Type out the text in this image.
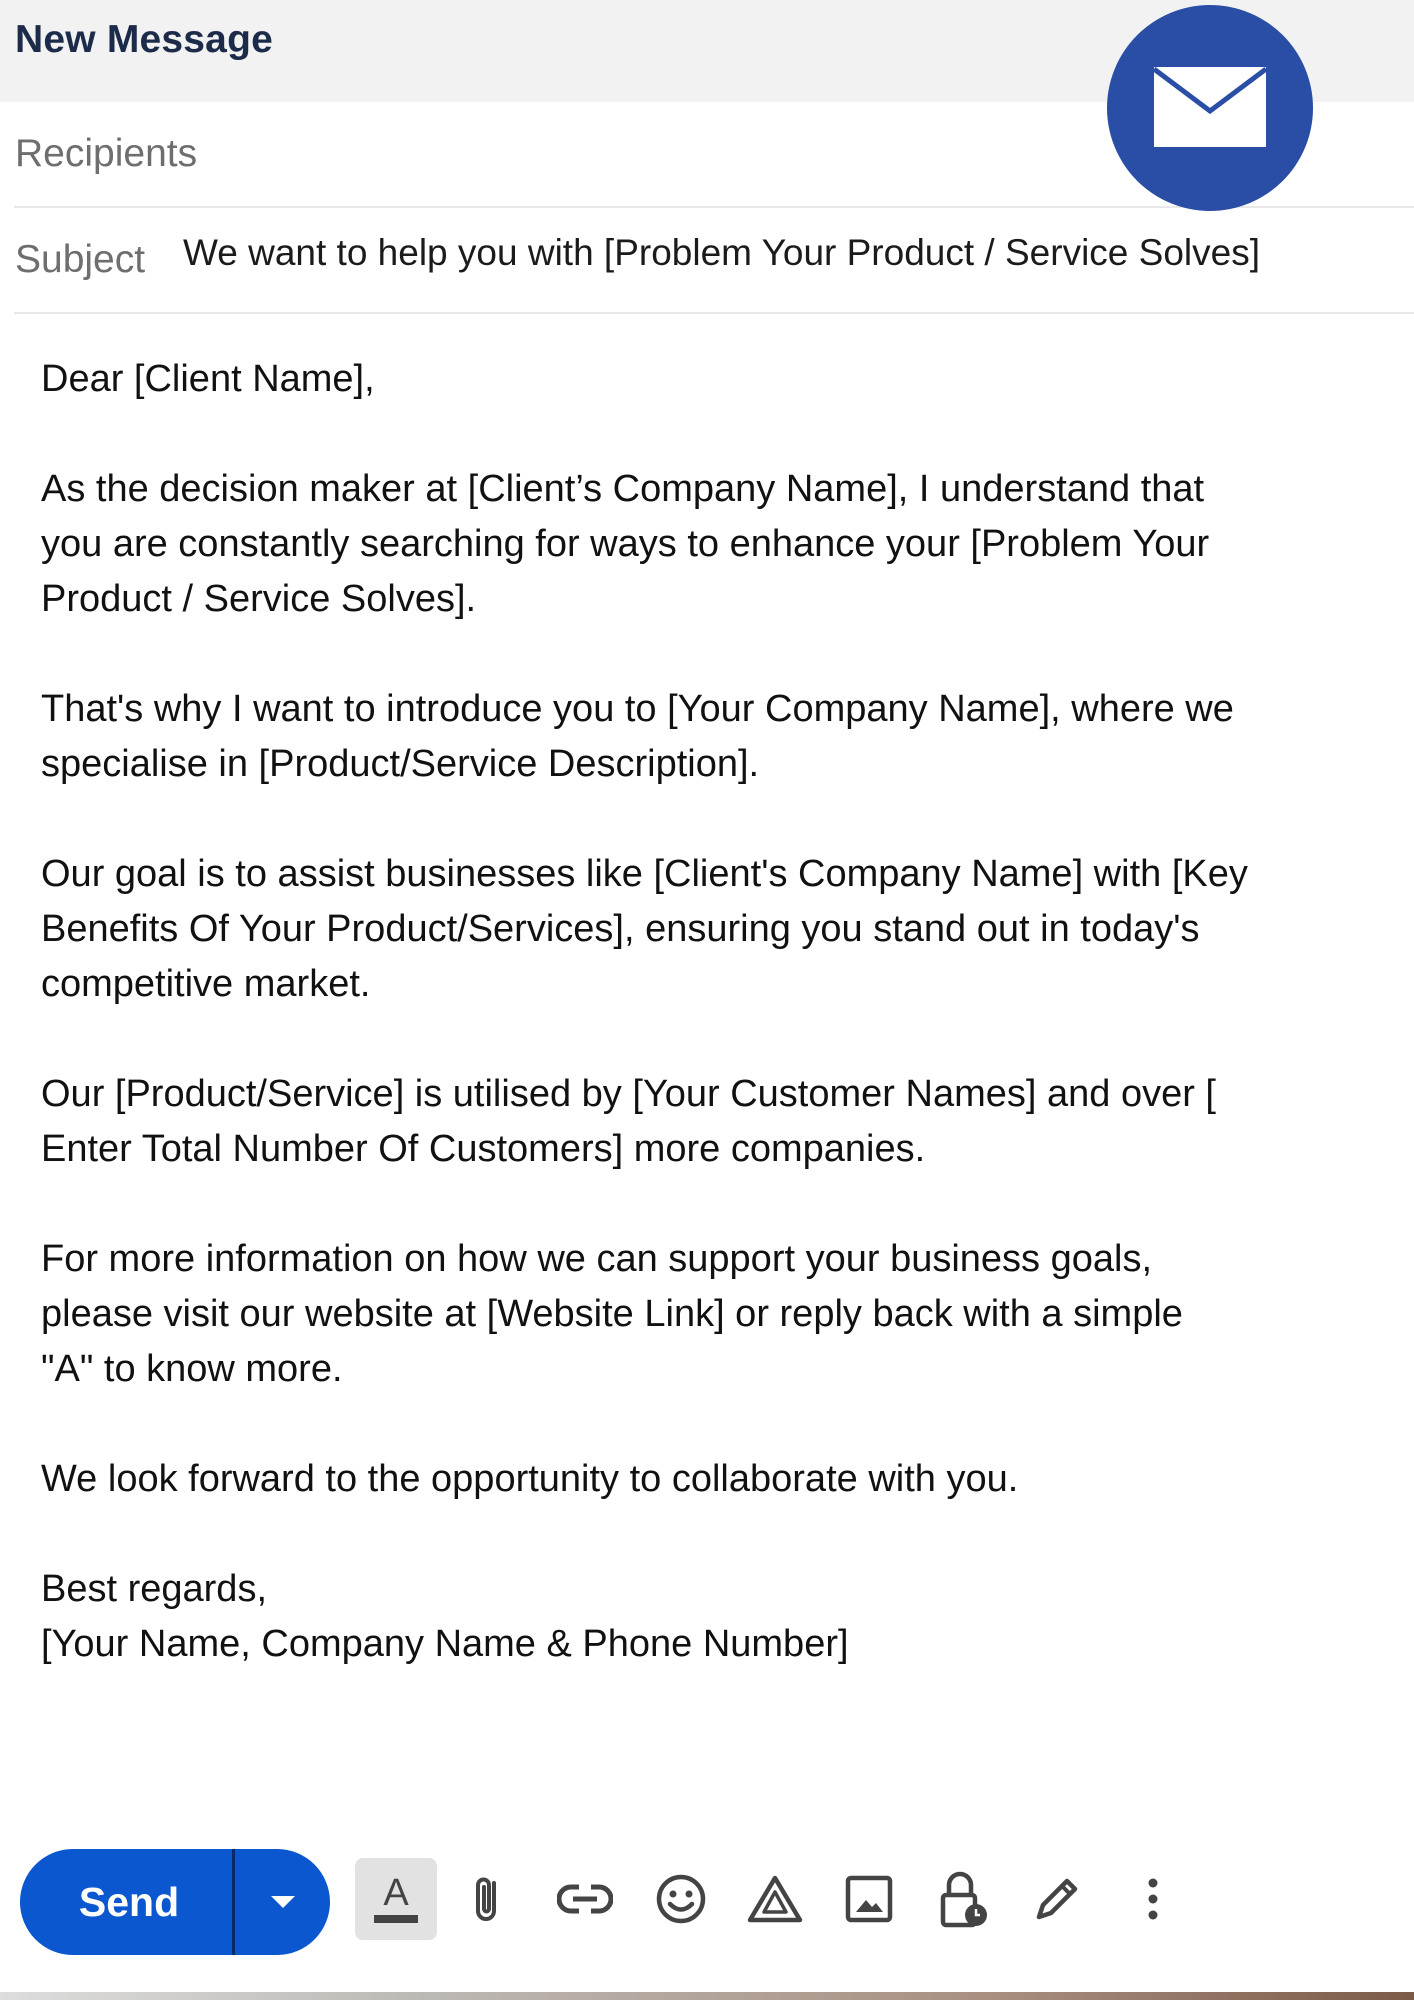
New Message
Recipients
Subject We want to help you with [Problem Your Product / Service Solves]

Dear [Client Name],

As the decision maker at [Client’s Company Name], I understand that
you are constantly searching for ways to enhance your [Problem Your
Product / Service Solves].

That's why I want to introduce you to [Your Company Name], where we
specialise in [Product/Service Description].

Our goal is to assist businesses like [Client's Company Name] with [Key
Benefits Of Your Product/Services], ensuring you stand out in today's
competitive market.

Our [Product/Service] is utilised by [Your Customer Names] and over [
Enter Total Number Of Customers] more companies.

For more information on how we can support your business goals,
please visit our website at [Website Link] or reply back with a simple
"A" to know more.

We look forward to the opportunity to collaborate with you.

Best regards,
[Your Name, Company Name & Phone Number]

Send	A
